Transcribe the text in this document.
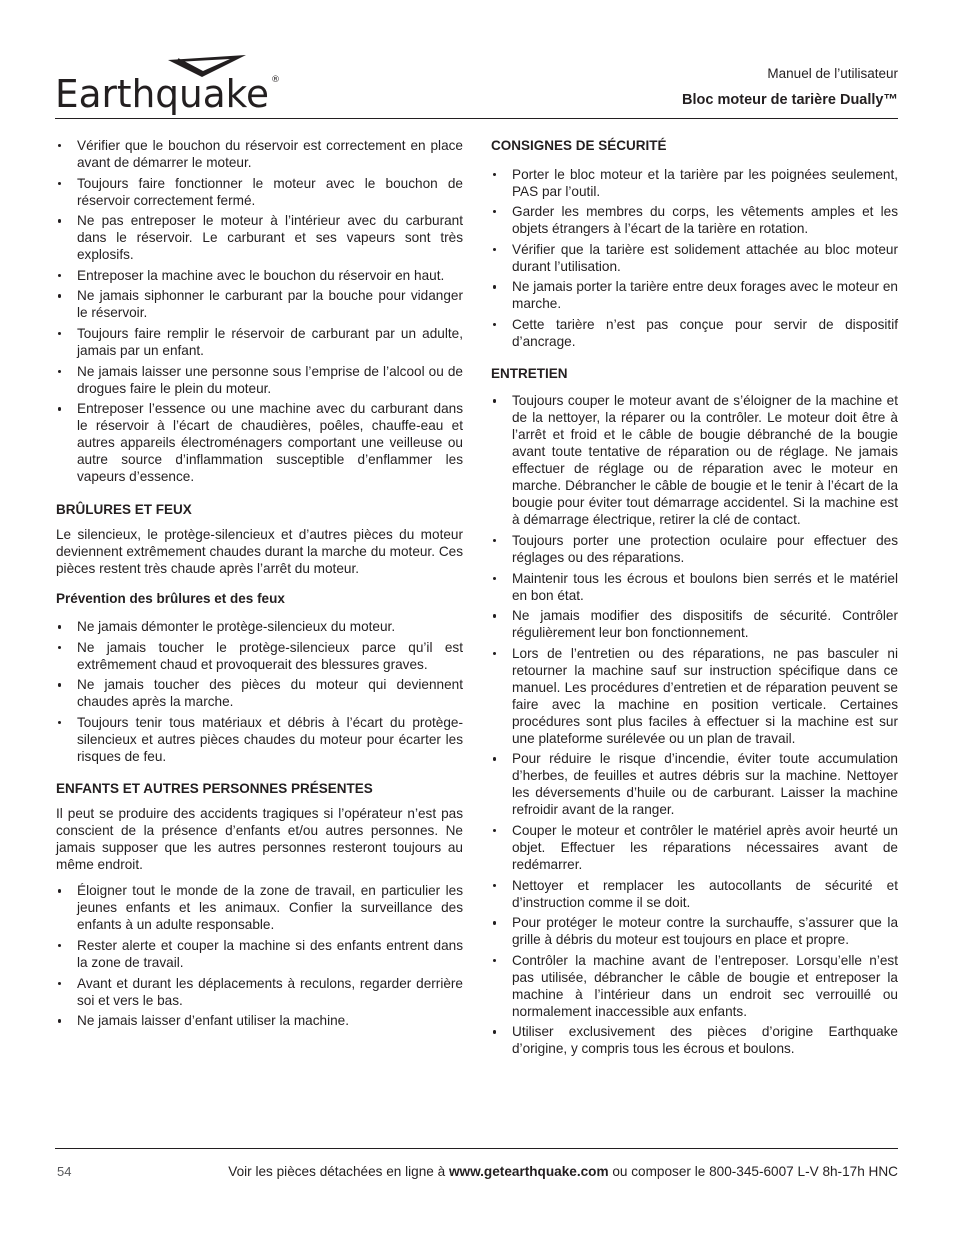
Earthquake ®	Manuel de l’utilisateur
Bloc moteur de tarière Dually™
Vérifier que le bouchon du réservoir est correctement en place avant de démarrer le moteur.
Toujours faire fonctionner le moteur avec le bouchon de réservoir correctement fermé.
Ne pas entreposer le moteur à l’intérieur avec du carburant dans le réservoir. Le carburant et ses vapeurs sont très explosifs.
Entreposer la machine avec le bouchon du réservoir en haut.
Ne jamais siphonner le carburant par la bouche pour vidanger le réservoir.
Toujours faire remplir le réservoir de carburant par un adulte, jamais par un enfant.
Ne jamais laisser une personne sous l’emprise de l’alcool ou de drogues faire le plein du moteur.
Entreposer l’essence ou une machine avec du carburant dans le réservoir à l’écart de chaudières, poêles, chauffe-eau et autres appareils électroménagers comportant une veilleuse ou autre source d’inflammation susceptible d’enflammer les vapeurs d’essence.
BRÛLURES ET FEUX

Le silencieux, le protège-silencieux et d’autres pièces du moteur deviennent extrêmement chaudes durant la marche du moteur. Ces pièces restent très chaude après l’arrêt du moteur.

Prévention des brûlures et des feux
Ne jamais démonter le protège-silencieux du moteur.
Ne jamais toucher le protège-silencieux parce qu’il est extrêmement chaud et provoquerait des blessures graves.
Ne jamais toucher des pièces du moteur qui deviennent chaudes après la marche.
Toujours tenir tous matériaux et débris à l’écart du protège-silencieux et autres pièces chaudes du moteur pour écarter les risques de feu.
ENFANTS ET AUTRES PERSONNES PRÉSENTES

Il peut se produire des accidents tragiques si l’opérateur n’est pas conscient de la présence d’enfants et/ou autres personnes. Ne jamais supposer que les autres personnes resteront toujours au même endroit.

Éloigner tout le monde de la zone de travail, en particulier les jeunes enfants et les animaux. Confier la surveillance des enfants à un adulte responsable.
Rester alerte et couper la machine si des enfants entrent dans la zone de travail.
Avant et durant les déplacements à reculons, regarder derrière soi et vers le bas.
Ne jamais laisser d’enfant utiliser la machine.
CONSIGNES DE SÉCURITÉ
Porter le bloc moteur et la tarière par les poignées seulement, PAS par l’outil.
Garder les membres du corps, les vêtements amples et les objets étrangers à l’écart de la tarière en rotation.
Vérifier que la tarière est solidement attachée au bloc moteur durant l’utilisation.
Ne jamais porter la tarière entre deux forages avec le moteur en marche.
Cette tarière n’est pas conçue pour servir de dispositif d’ancrage.
ENTRETIEN
Toujours couper le moteur avant de s’éloigner de la machine et de la nettoyer, la réparer ou la contrôler. Le moteur doit être à l’arrêt et froid et le câble de bougie débranché de la bougie avant toute tentative de réparation ou de réglage. Ne jamais effectuer de réglage ou de réparation avec le moteur en marche. Débrancher le câble de bougie et le tenir à l’écart de la bougie pour éviter tout démarrage accidentel. Si la machine est à démarrage électrique, retirer la clé de contact.
Toujours porter une protection oculaire pour effectuer des réglages ou des réparations.
Maintenir tous les écrous et boulons bien serrés et le matériel en bon état.
Ne jamais modifier des dispositifs de sécurité. Contrôler régulièrement leur bon fonctionnement.
Lors de l’entretien ou des réparations, ne pas basculer ni retourner la machine sauf sur instruction spécifique dans ce manuel. Les procédures d’entretien et de réparation peuvent se faire avec la machine en position verticale. Certaines procédures sont plus faciles à effectuer si la machine est sur une plateforme surélevée ou un plan de travail.
Pour réduire le risque d’incendie, éviter toute accumulation d’herbes, de feuilles et autres débris sur la machine. Nettoyer les déversements d’huile ou de carburant. Laisser la machine refroidir avant de la ranger.
Couper le moteur et contrôler le matériel après avoir heurté un objet. Effectuer les réparations nécessaires avant de redémarrer.
Nettoyer et remplacer les autocollants de sécurité et d’instruction comme il se doit.
Pour protéger le moteur contre la surchauffe, s’assurer que la grille à débris du moteur est toujours en place et propre.
Contrôler la machine avant de l’entreposer. Lorsqu’elle n’est pas utilisée, débrancher le câble de bougie et entreposer la machine à l’intérieur dans un endroit sec verrouillé ou normalement inaccessible aux enfants.
Utiliser exclusivement des pièces d’origine Earthquake d’origine, y compris tous les écrous et boulons.
54	Voir les pièces détachées en ligne à www.getearthquake.com ou composer le 800-345-6007 L-V 8h-17h HNC
